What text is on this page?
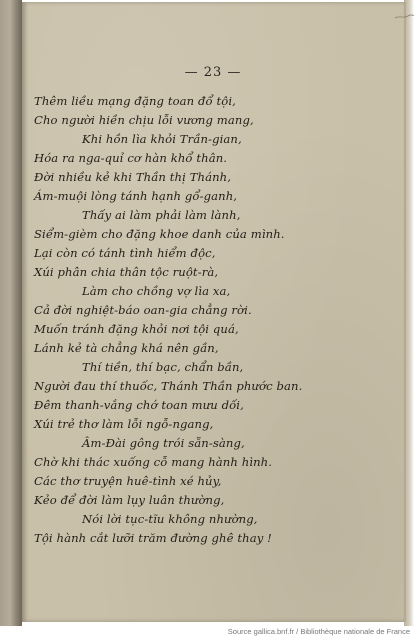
— 23 —
Thêm liều mạng đặng toan đổ tội,
Cho người hiền chịu lỗi vương mang,
Khi hồn lìa khỏi Trần-gian,
Hóa ra nga-quỉ cơ hàn khổ thân.
Đời nhiều kẻ khi Thần thị Thánh,
Ám-muội lòng tánh hạnh gổ-ganh,
Thấy ai làm phải làm lành,
Siểm-gièm cho đặng khoe danh của mình.
Lại còn có tánh tình hiểm độc,
Xúi phân chia thân tộc ruột-rà,
Làm cho chồng vợ lìa xa,
Cả đời nghiệt-báo oan-gia chẳng rời.
Muốn tránh đặng khỏi nơi tội quá,
Lánh kẻ tà chẳng khá nên gần,
Thí tiền, thí bạc, chẩn bần,
Người đau thí thuốc, Thánh Thần phước ban.
Đêm thanh-vắng chớ toan mưu dối,
Xúi trẻ thơ làm lỗi ngỗ-ngang,
Âm-Đài gông trói sẵn-sàng,
Chờ khi thác xuống cỗ mang hành hình.
Các thơ truyện huê-tình xé hủy,
Kẻo để đời làm lụy luân thường,
Nói lời tục-tĩu không nhường,
Tội hành cắt lưỡi trăm đường ghê thay !
Source gallica.bnf.fr / Bibliothèque nationale de France
